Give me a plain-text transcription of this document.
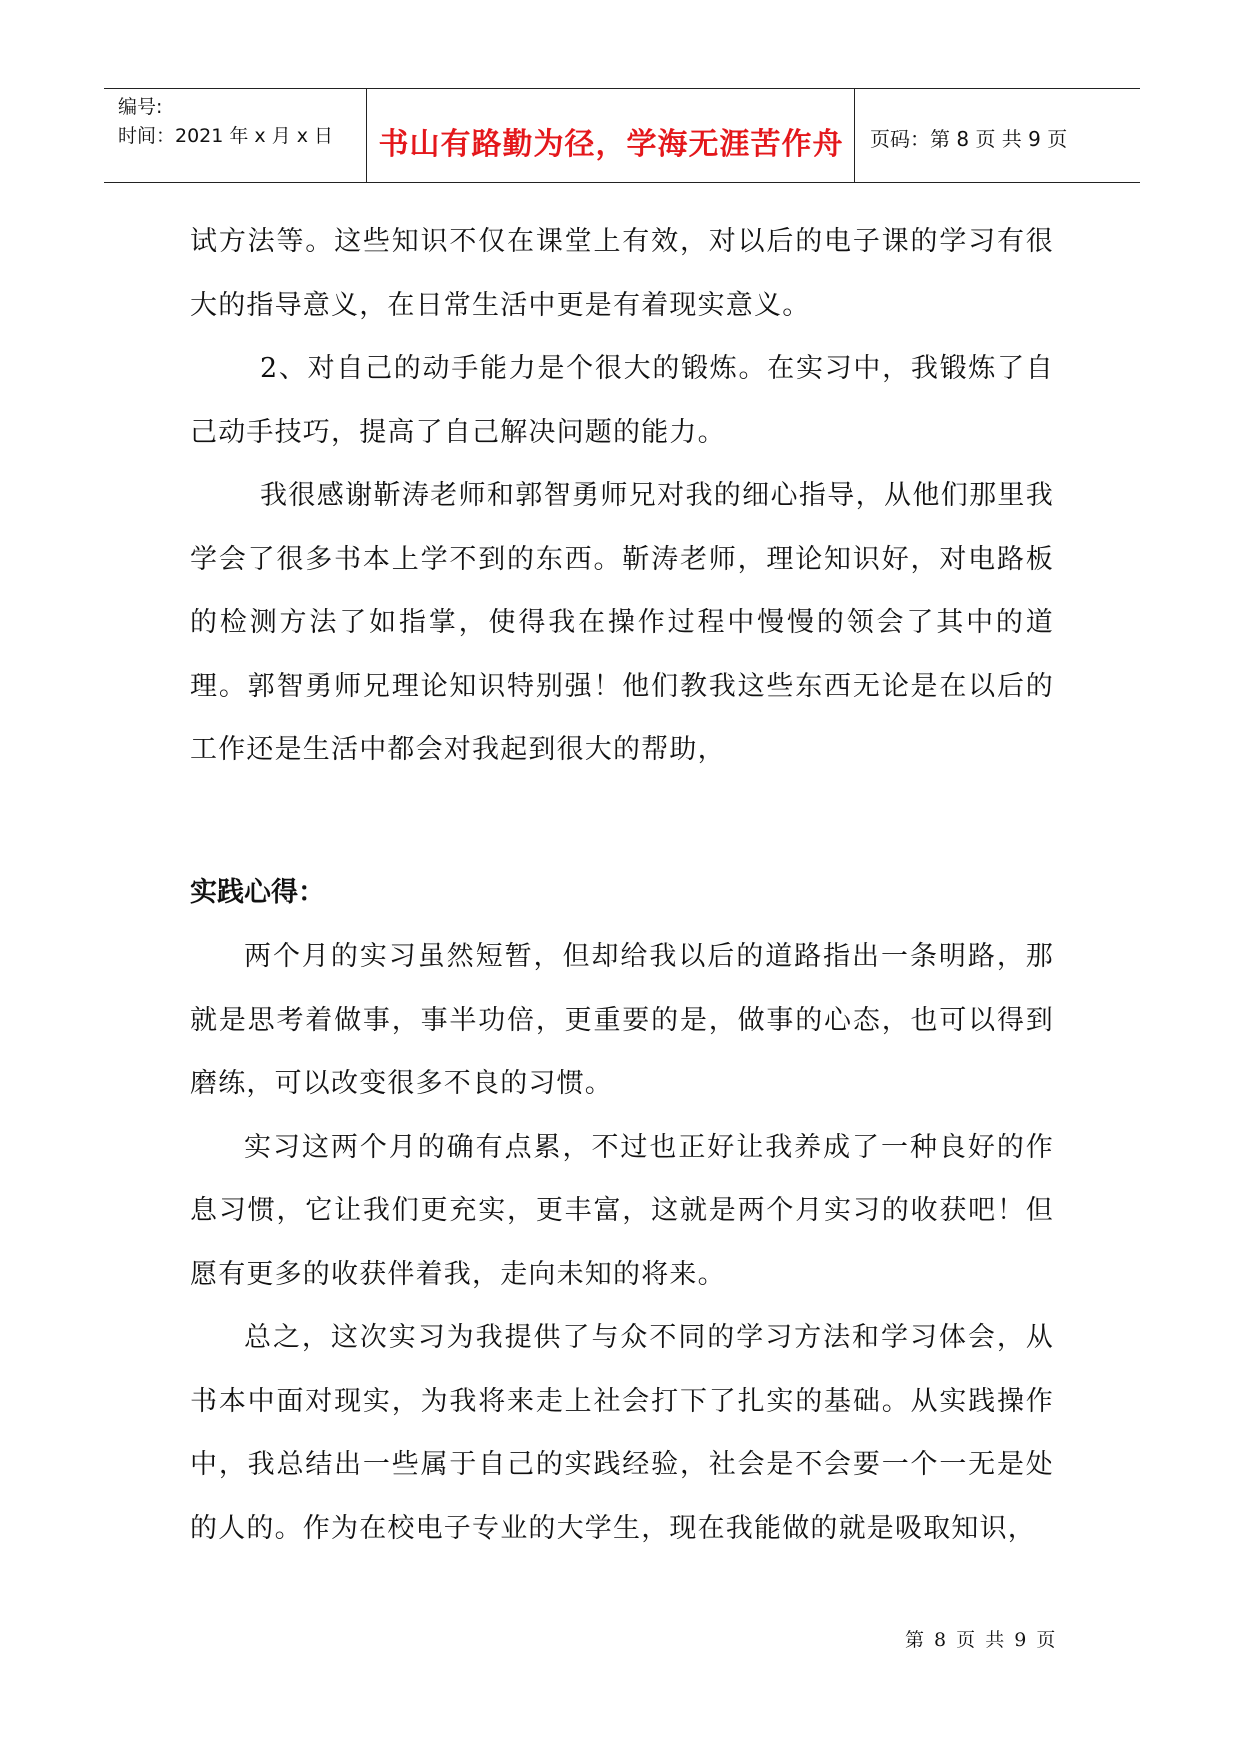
编号:
时间：2021 年 x 月 x 日	书山有路勤为径，学海无涯苦作舟	页码：第 8 页 共 9 页

试方法等。这些知识不仅在课堂上有效，对以后的电子课的学习有很大的指导意义，在日常生活中更是有着现实意义。

2、对自己的动手能力是个很大的锻炼。在实习中，我锻炼了自己动手技巧，提高了自己解决问题的能力。

我很感谢靳涛老师和郭智勇师兄对我的细心指导，从他们那里我学会了很多书本上学不到的东西。靳涛老师，理论知识好，对电路板的检测方法了如指掌，使得我在操作过程中慢慢的领会了其中的道理。郭智勇师兄理论知识特别强！他们教我这些东西无论是在以后的工作还是生活中都会对我起到很大的帮助，

实践心得：

两个月的实习虽然短暂，但却给我以后的道路指出一条明路，那就是思考着做事，事半功倍，更重要的是，做事的心态，也可以得到磨练，可以改变很多不良的习惯。

实习这两个月的确有点累，不过也正好让我养成了一种良好的作息习惯，它让我们更充实，更丰富，这就是两个月实习的收获吧！但愿有更多的收获伴着我，走向未知的将来。

总之，这次实习为我提供了与众不同的学习方法和学习体会，从书本中面对现实，为我将来走上社会打下了扎实的基础。从实践操作中，我总结出一些属于自己的实践经验，社会是不会要一个一无是处的人的。作为在校电子专业的大学生，现在我能做的就是吸取知识，

第 8 页 共 9 页
